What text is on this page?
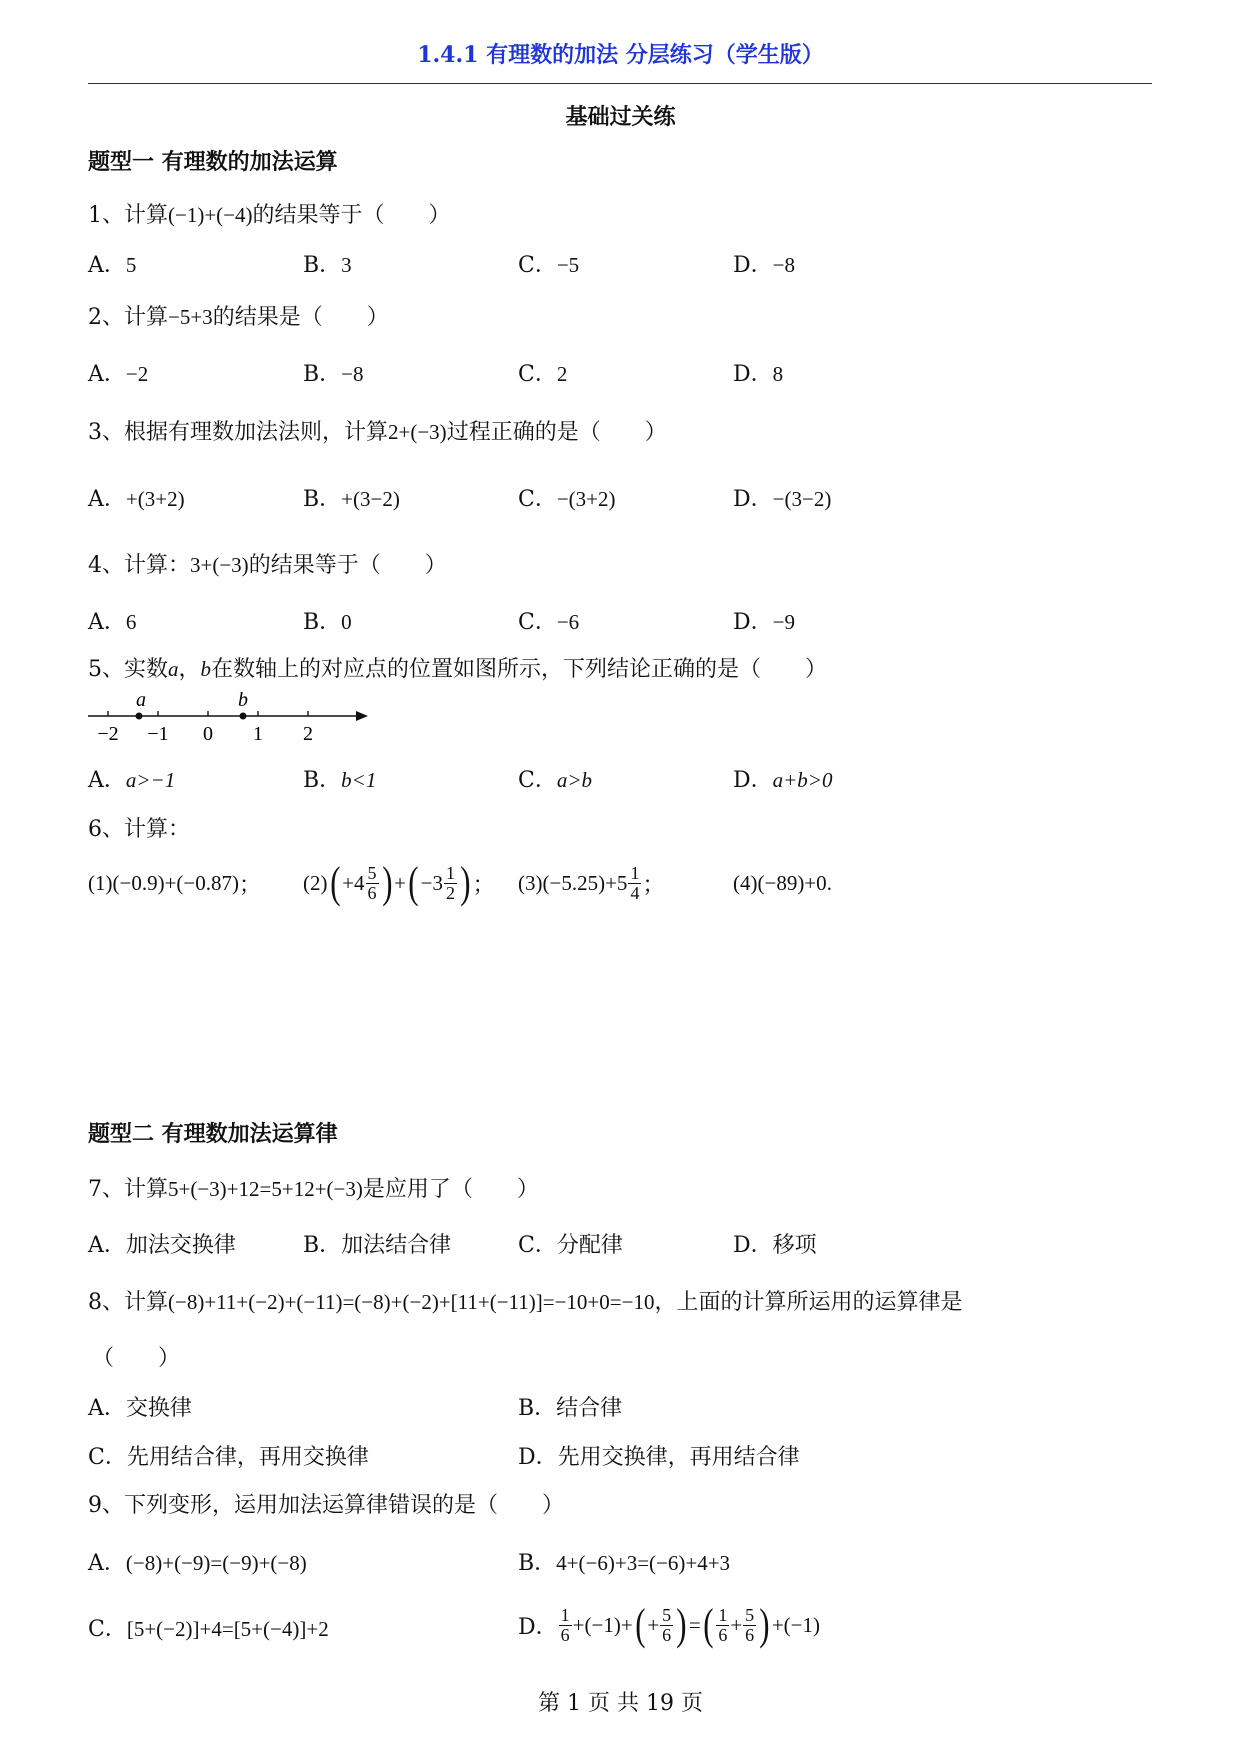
1.4.1 有理数的加法 分层练习（学生版）
基础过关练
题型一 有理数的加法运算
1、计算(−1)+(−4)的结果等于（　　）
A．5	B．3	C．−5	D．−8
2、计算−5+3的结果是（　　）
A．−2	B．−8	C．2	D．8
3、根据有理数加法法则，计算2+(−3)过程正确的是（　　）
A．+(3+2)	B．+(3−2)	C．−(3+2)	D．−(3−2)
4、计算：3+(−3)的结果等于（　　）
A．6	B．0	C．−6	D．−9
5、实数a，b在数轴上的对应点的位置如图所示，下列结论正确的是（　　）
−2 −1 0 1 2
a	b
A．a>−1	B．b<1	C．a>b	D．a+b>0
6、计算：
(1) (−0.9)+(−0.87) ； (2) ( $+4 \frac{5}{6}$ ) + ( $-3 \frac{1}{2}$ ) ； (3) $(-5.25)+5 \frac{1}{4}$ ；	(4) (−89)+0 .
题型二 有理数加法运算律
7、计算5+(−3)+12=5+12+(−3)是应用了（　　）
A．加法交换律	B．加法结合律	C．分配律	D．移项
8、计算(−8)+11+(−2)+(−11)=(−8)+(−2)+[11+(−11)]=−10+0=−10，上面的计算所运用的运算律是
（　　）
A．交换律	B．结合律
C．先用结合律，再用交换律	D．先用交换律，再用结合律
9、下列变形，运用加法运算律错误的是（　　）
A．(−8)+(−9)=(−9)+(−8)	B．4+(−6)+3=(−6)+4+3
C．[5+(−2)]+4=[5+(−4)]+2	D． $\frac{1}{6} +(-1)+$ ( + $\frac{5}{6}$ ) = ( $\frac{1}{6} + \frac{5}{6}$ ) +(−1)
第 1 页 共 19 页
